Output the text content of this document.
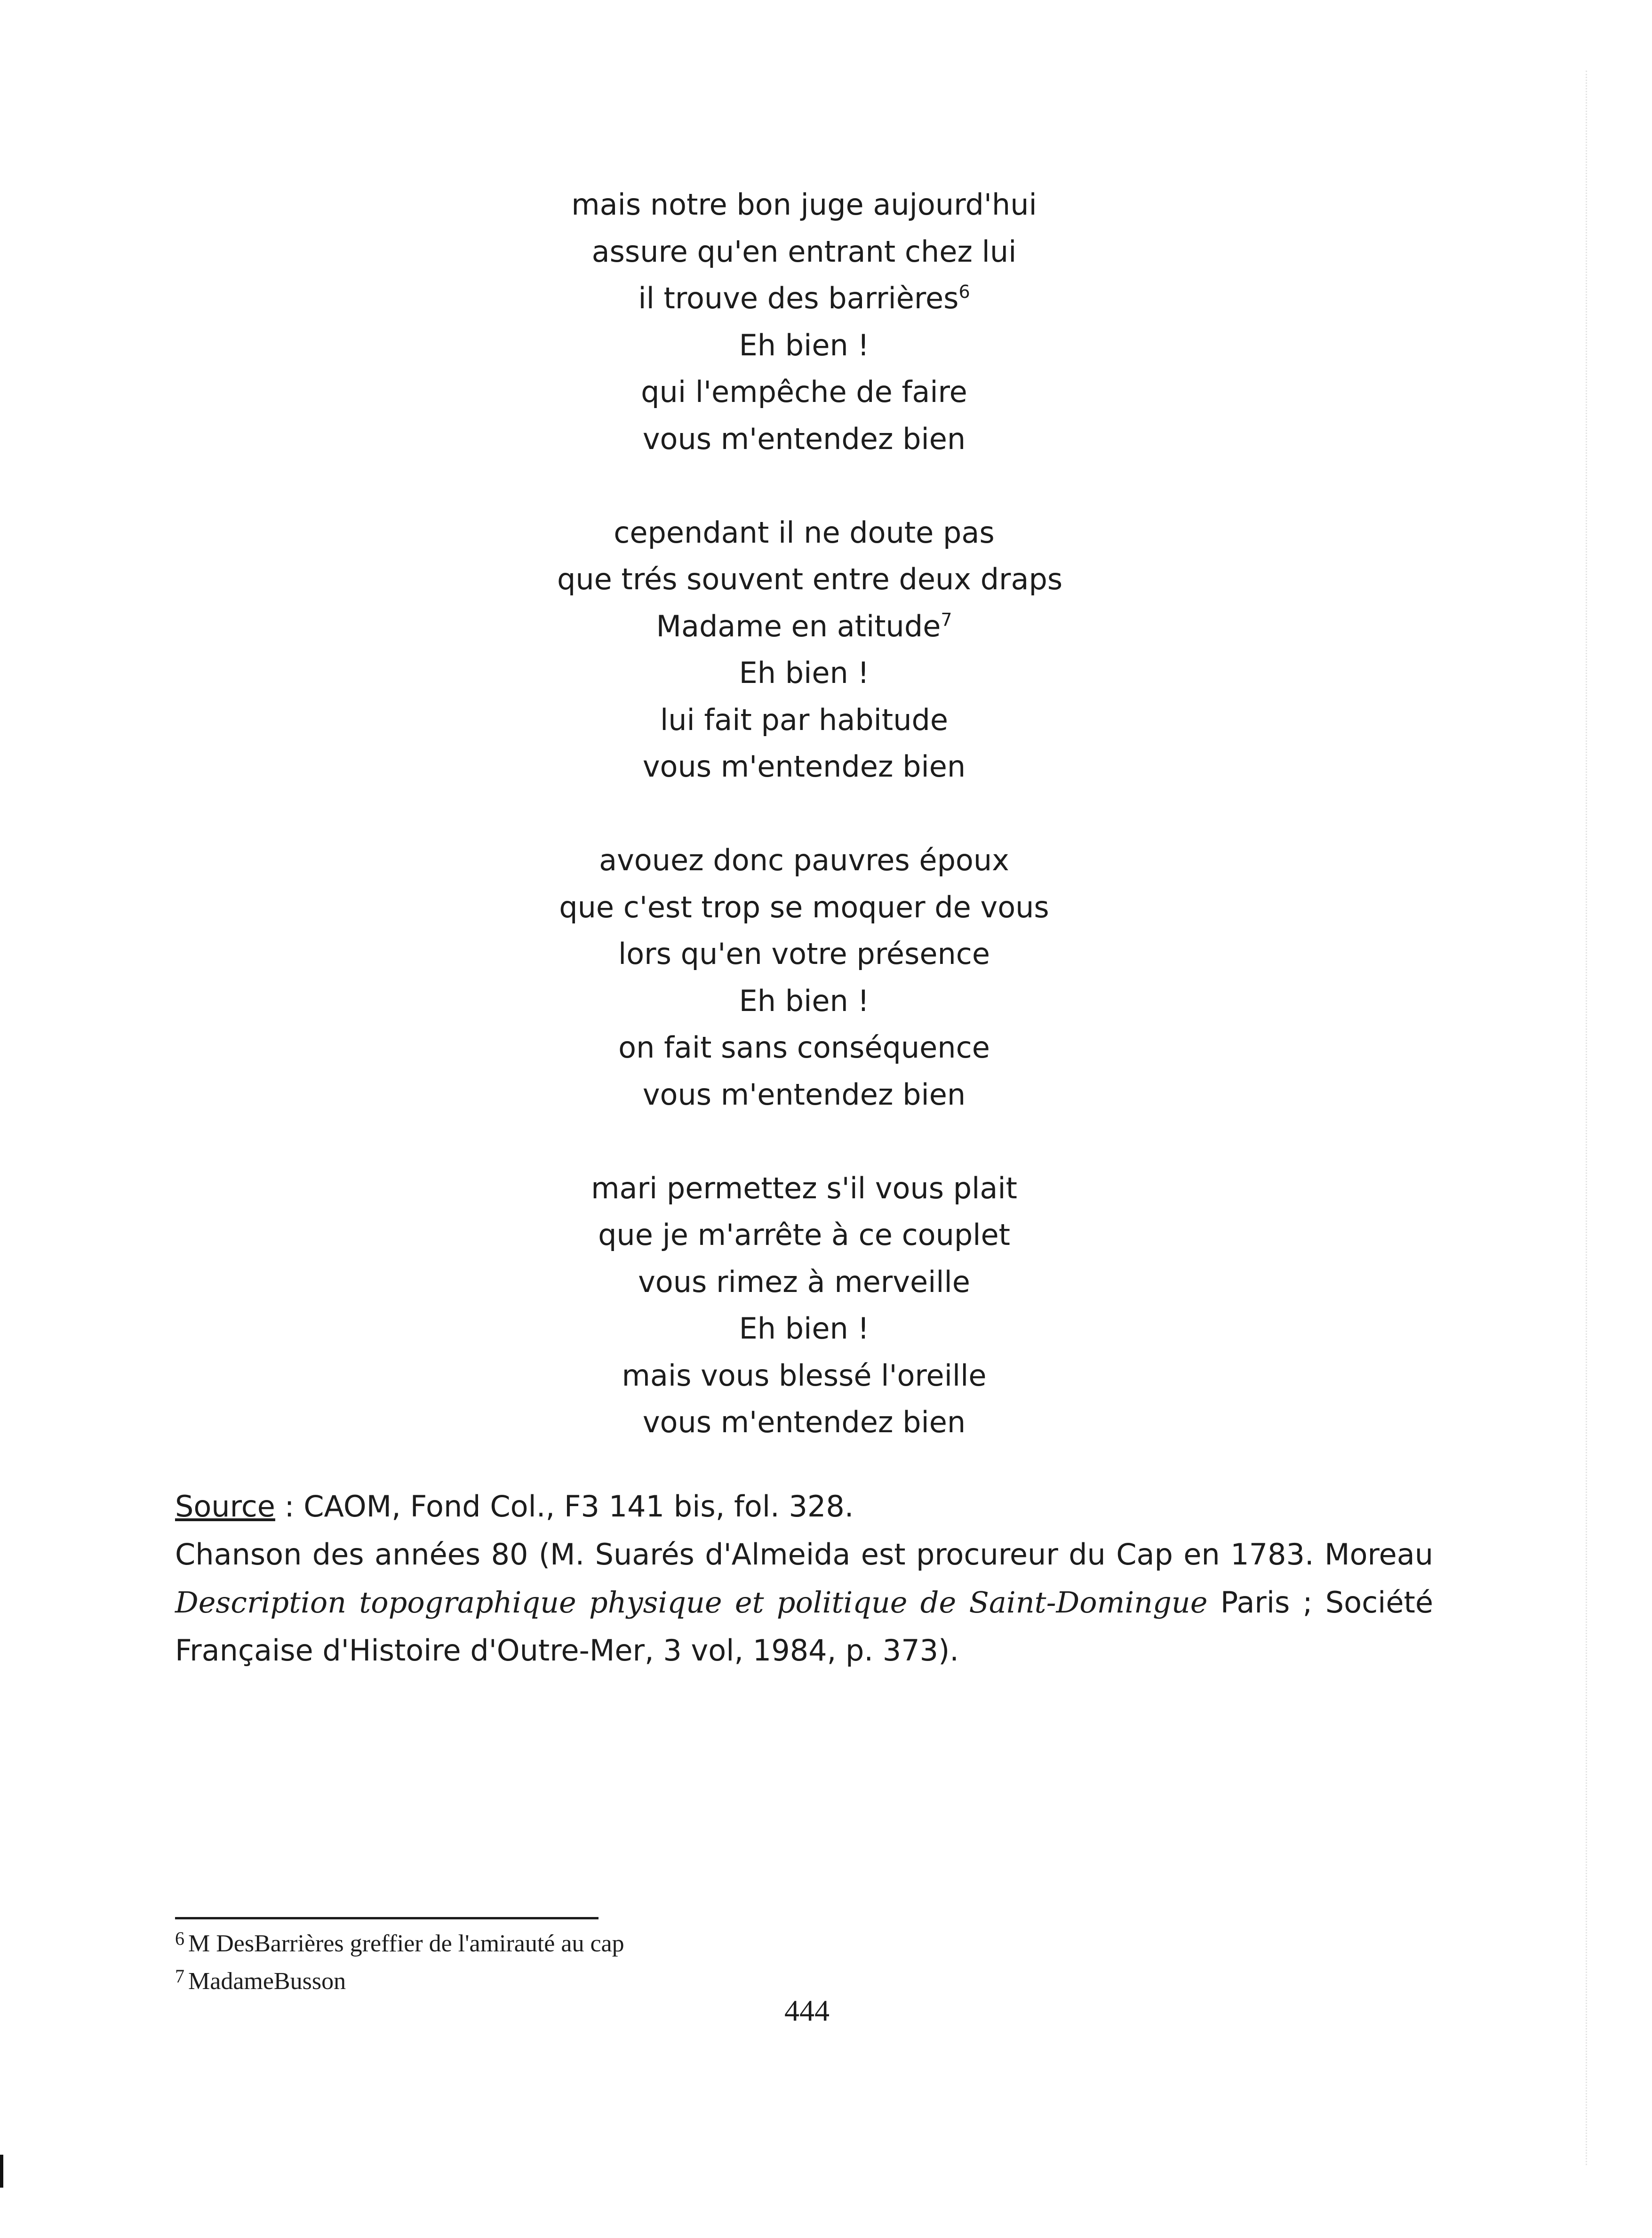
mais notre bon juge aujourd'hui
assure qu'en entrant chez lui
il trouve des barrières$^6$
Eh bien !
qui l'empêche de faire
vous m'entendez bien
cependant il ne doute pas
que trés souvent entre deux draps
Madame en atitude$^7$
Eh bien !
lui fait par habitude
vous m'entendez bien
avouez donc pauvres époux
que c'est trop se moquer de vous
lors qu'en votre présence
Eh bien !
on fait sans conséquence
vous m'entendez bien
mari permettez s'il vous plait
que je m'arrête à ce couplet
vous rimez à merveille
Eh bien !
mais vous blessé l'oreille
vous m'entendez bien

Source : CAOM, Fond Col., F3 141 bis, fol. 328.

Chanson des années 80 (M. Suarés d'Almeida est procureur du Cap en 1783. Moreau Description topographique physique et politique de Saint-Domingue Paris ; Société Française d'Histoire d'Outre-Mer, 3 vol, 1984, p. 373).

$^6$ M DesBarrières greffier de l'amirauté au cap
$^7$ MadameBusson
444
